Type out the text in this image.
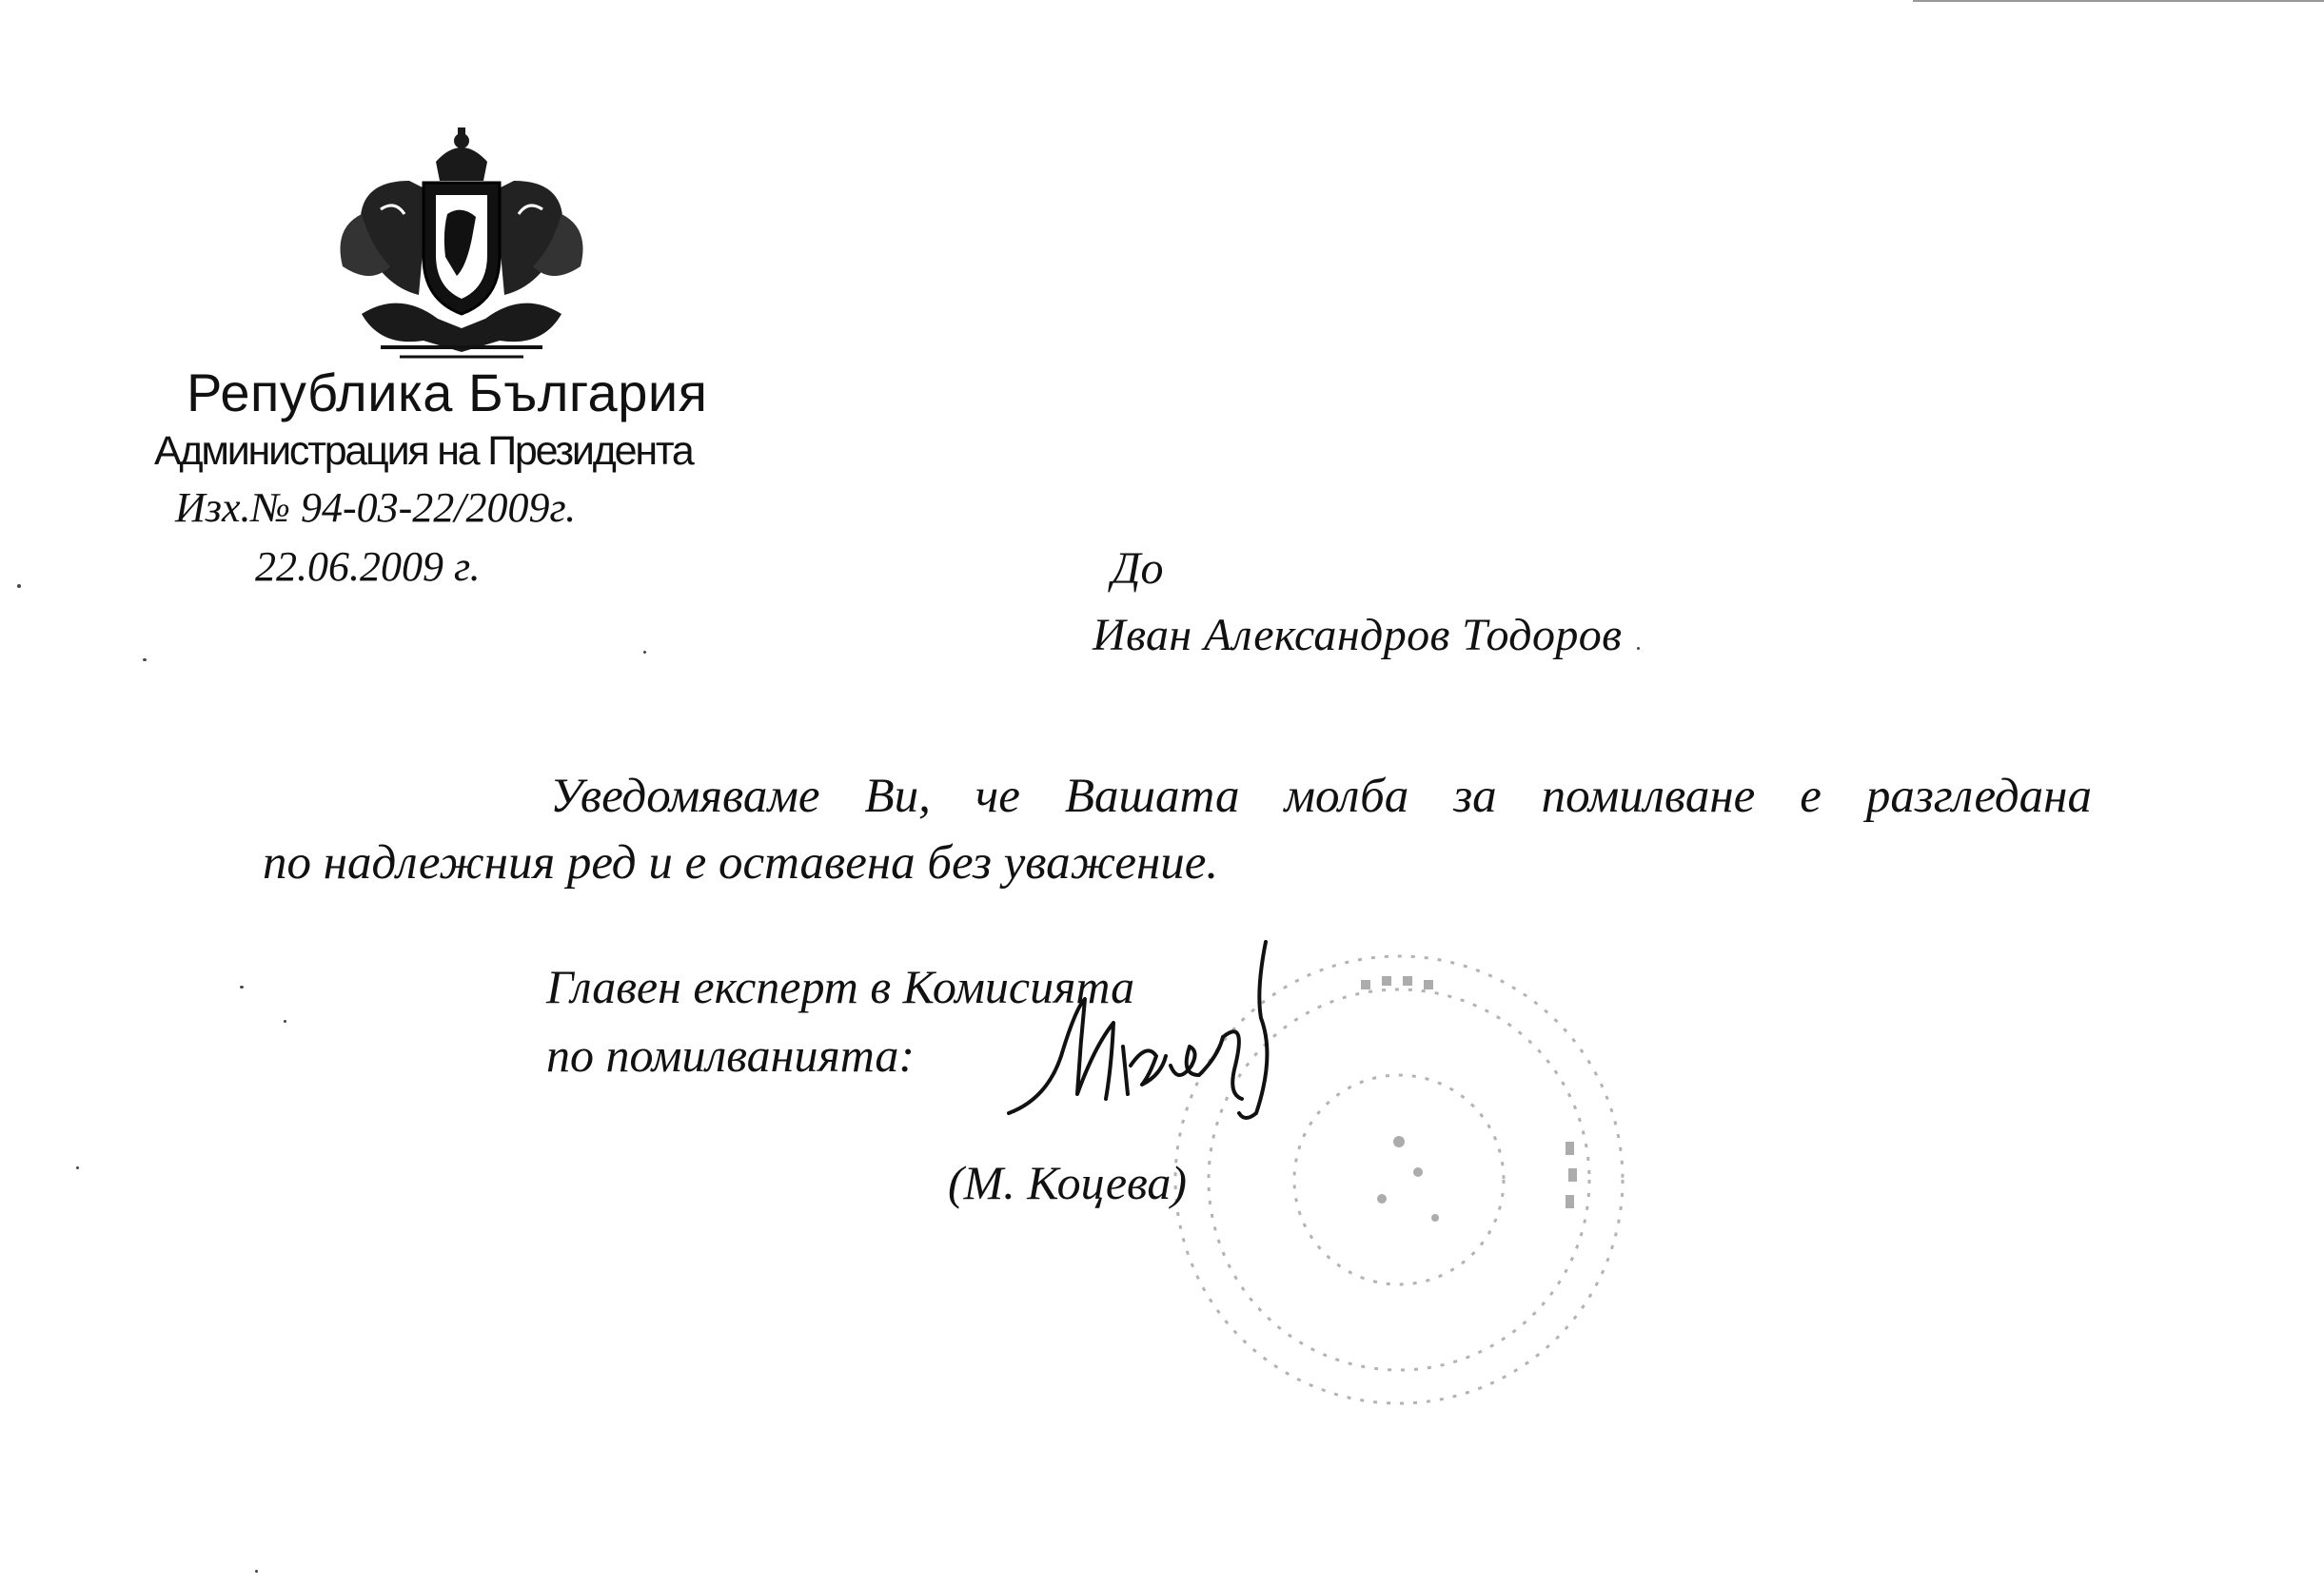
Република България
Администрация на Президента
Изх.№ 94-03-22/2009г.
22.06.2009 г.	До
Иван Александров Тодоров
Уведомяваме Ви, че Вашата молба за помилване е разгледана
по надлежния ред и е оставена без уважение.
Главен експерт в Комисията
по помилванията:
(М. Коцева)
